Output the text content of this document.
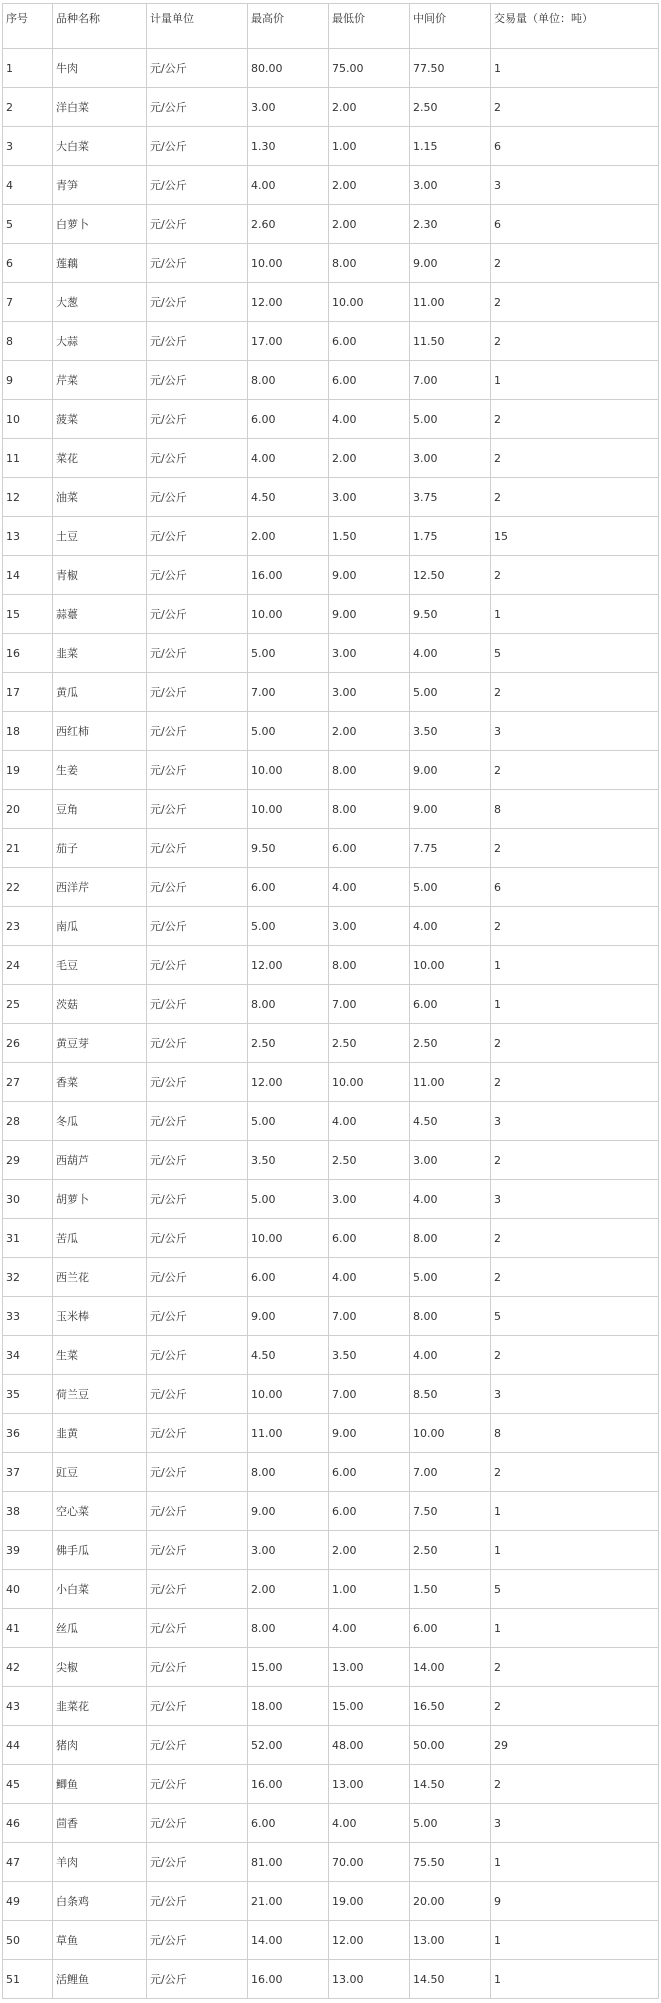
序号	品种名称	计量单位	最高价	最低价	中间价	交易量（单位：吨）
1	牛肉	元/公斤	80.00	75.00	77.50	1
2	洋白菜	元/公斤	3.00	2.00	2.50	2
3	大白菜	元/公斤	1.30	1.00	1.15	6
4	青笋	元/公斤	4.00	2.00	3.00	3
5	白萝卜	元/公斤	2.60	2.00	2.30	6
6	莲藕	元/公斤	10.00	8.00	9.00	2
7	大葱	元/公斤	12.00	10.00	11.00	2
8	大蒜	元/公斤	17.00	6.00	11.50	2
9	芹菜	元/公斤	8.00	6.00	7.00	1
10	菠菜	元/公斤	6.00	4.00	5.00	2
11	菜花	元/公斤	4.00	2.00	3.00	2
12	油菜	元/公斤	4.50	3.00	3.75	2
13	土豆	元/公斤	2.00	1.50	1.75	15
14	青椒	元/公斤	16.00	9.00	12.50	2
15	蒜薹	元/公斤	10.00	9.00	9.50	1
16	韭菜	元/公斤	5.00	3.00	4.00	5
17	黄瓜	元/公斤	7.00	3.00	5.00	2
18	西红柿	元/公斤	5.00	2.00	3.50	3
19	生姜	元/公斤	10.00	8.00	9.00	2
20	豆角	元/公斤	10.00	8.00	9.00	8
21	茄子	元/公斤	9.50	6.00	7.75	2
22	西洋芹	元/公斤	6.00	4.00	5.00	6
23	南瓜	元/公斤	5.00	3.00	4.00	2
24	毛豆	元/公斤	12.00	8.00	10.00	1
25	茨菇	元/公斤	8.00	7.00	6.00	1
26	黄豆芽	元/公斤	2.50	2.50	2.50	2
27	香菜	元/公斤	12.00	10.00	11.00	2
28	冬瓜	元/公斤	5.00	4.00	4.50	3
29	西葫芦	元/公斤	3.50	2.50	3.00	2
30	胡萝卜	元/公斤	5.00	3.00	4.00	3
31	苦瓜	元/公斤	10.00	6.00	8.00	2
32	西兰花	元/公斤	6.00	4.00	5.00	2
33	玉米棒	元/公斤	9.00	7.00	8.00	5
34	生菜	元/公斤	4.50	3.50	4.00	2
35	荷兰豆	元/公斤	10.00	7.00	8.50	3
36	韭黄	元/公斤	11.00	9.00	10.00	8
37	豇豆	元/公斤	8.00	6.00	7.00	2
38	空心菜	元/公斤	9.00	6.00	7.50	1
39	佛手瓜	元/公斤	3.00	2.00	2.50	1
40	小白菜	元/公斤	2.00	1.00	1.50	5
41	丝瓜	元/公斤	8.00	4.00	6.00	1
42	尖椒	元/公斤	15.00	13.00	14.00	2
43	韭菜花	元/公斤	18.00	15.00	16.50	2
44	猪肉	元/公斤	52.00	48.00	50.00	29
45	鲫鱼	元/公斤	16.00	13.00	14.50	2
46	茴香	元/公斤	6.00	4.00	5.00	3
47	羊肉	元/公斤	81.00	70.00	75.50	1
49	白条鸡	元/公斤	21.00	19.00	20.00	9
50	草鱼	元/公斤	14.00	12.00	13.00	1
51	活鲤鱼	元/公斤	16.00	13.00	14.50	1
